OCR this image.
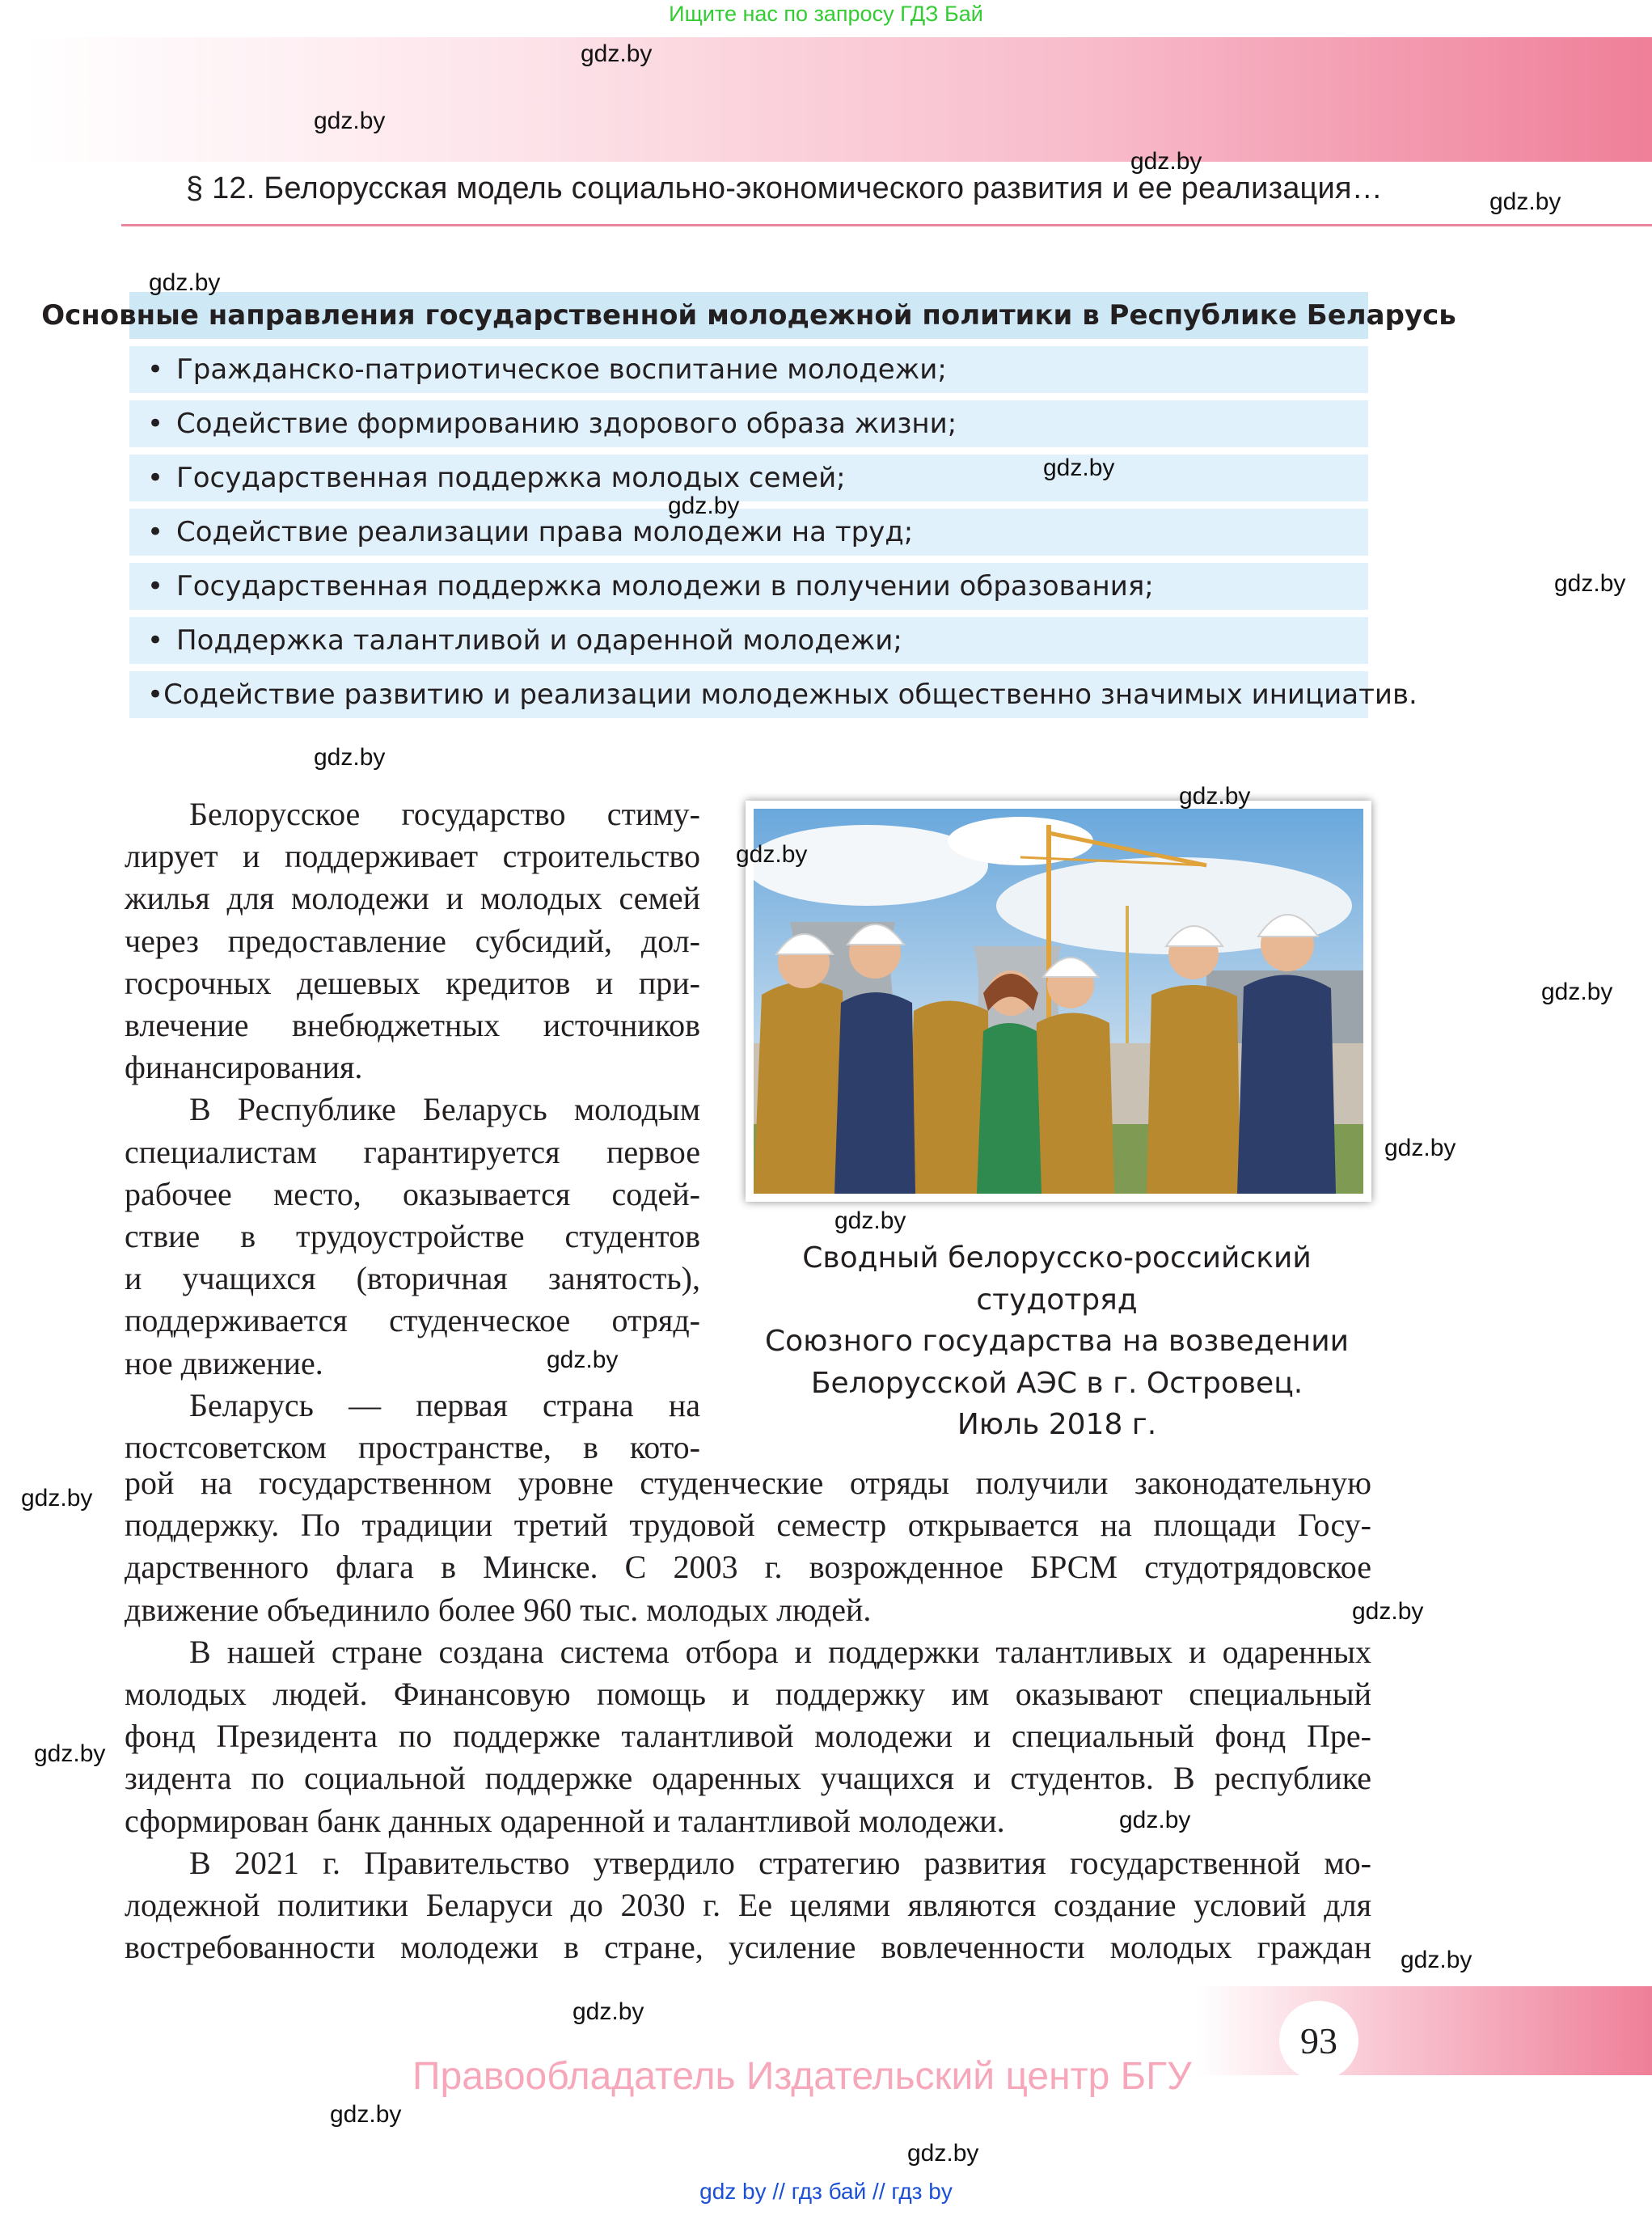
Ищите нас по запросу ГДЗ Бай
§ 12. Белорусская модель социально-экономического развития и ее реализация…
Основные направления государственной молодежной политики в Республике Беларусь
• Гражданско-патриотическое воспитание молодежи;
• Содействие формированию здорового образа жизни;
• Государственная поддержка молодых семей;
• Содействие реализации права молодежи на труд;
• Государственная поддержка молодежи в получении образования;
• Поддержка талантливой и одаренной молодежи;
• Содействие развитию и реализации молодежных общественно значимых инициатив.

Белорусское государство стиму-

лирует и поддерживает строительство

жилья для молодежи и молодых семей

через предоставление субсидий, дол-

госрочных дешевых кредитов и при-

влечение внебюджетных источников

финансирования.

В Республике Беларусь молодым

специалистам гарантируется первое

рабочее место, оказывается содей-

ствие в трудоустройстве студентов

и учащихся (вторичная занятость),

поддерживается студенческое отряд-

ное движение.

Беларусь — первая страна на

постсоветском пространстве, в кото-

Сводный белорусско-российский студотряд
Союзного государства на возведении
Белорусской АЭС в г. Островец.
Июль 2018 г.

рой на государственном уровне студенческие отряды получили законодательную

поддержку. По традиции третий трудовой семестр открывается на площади Госу-

дарственного флага в Минске. С 2003 г. возрожденное БРСМ студотрядовское

движение объединило более 960 тыс. молодых людей.

В нашей стране создана система отбора и поддержки талантливых и одаренных

молодых людей. Финансовую помощь и поддержку им оказывают специальный

фонд Президента по поддержке талантливой молодежи и специальный фонд Пре-

зидента по социальной поддержке одаренных учащихся и студентов. В республике

сформирован банк данных одаренной и талантливой молодежи.

В 2021 г. Правительство утвердило стратегию развития государственной мо-

лодежной политики Беларуси до 2030 г. Ее целями являются создание условий для

востребованности молодежи в стране, усиление вовлеченности молодых граждан

93
Правообладатель Издательский центр БГУ
gdz by // гдз бай // гдз by
gdz.by
gdz.by
gdz.by
gdz.by
gdz.by
gdz.by
gdz.by
gdz.by
gdz.by
gdz.by
gdz.by
gdz.by
gdz.by
gdz.by
gdz.by
gdz.by
gdz.by
gdz.by
gdz.by
gdz.by
gdz.by
gdz.by
gdz.by
